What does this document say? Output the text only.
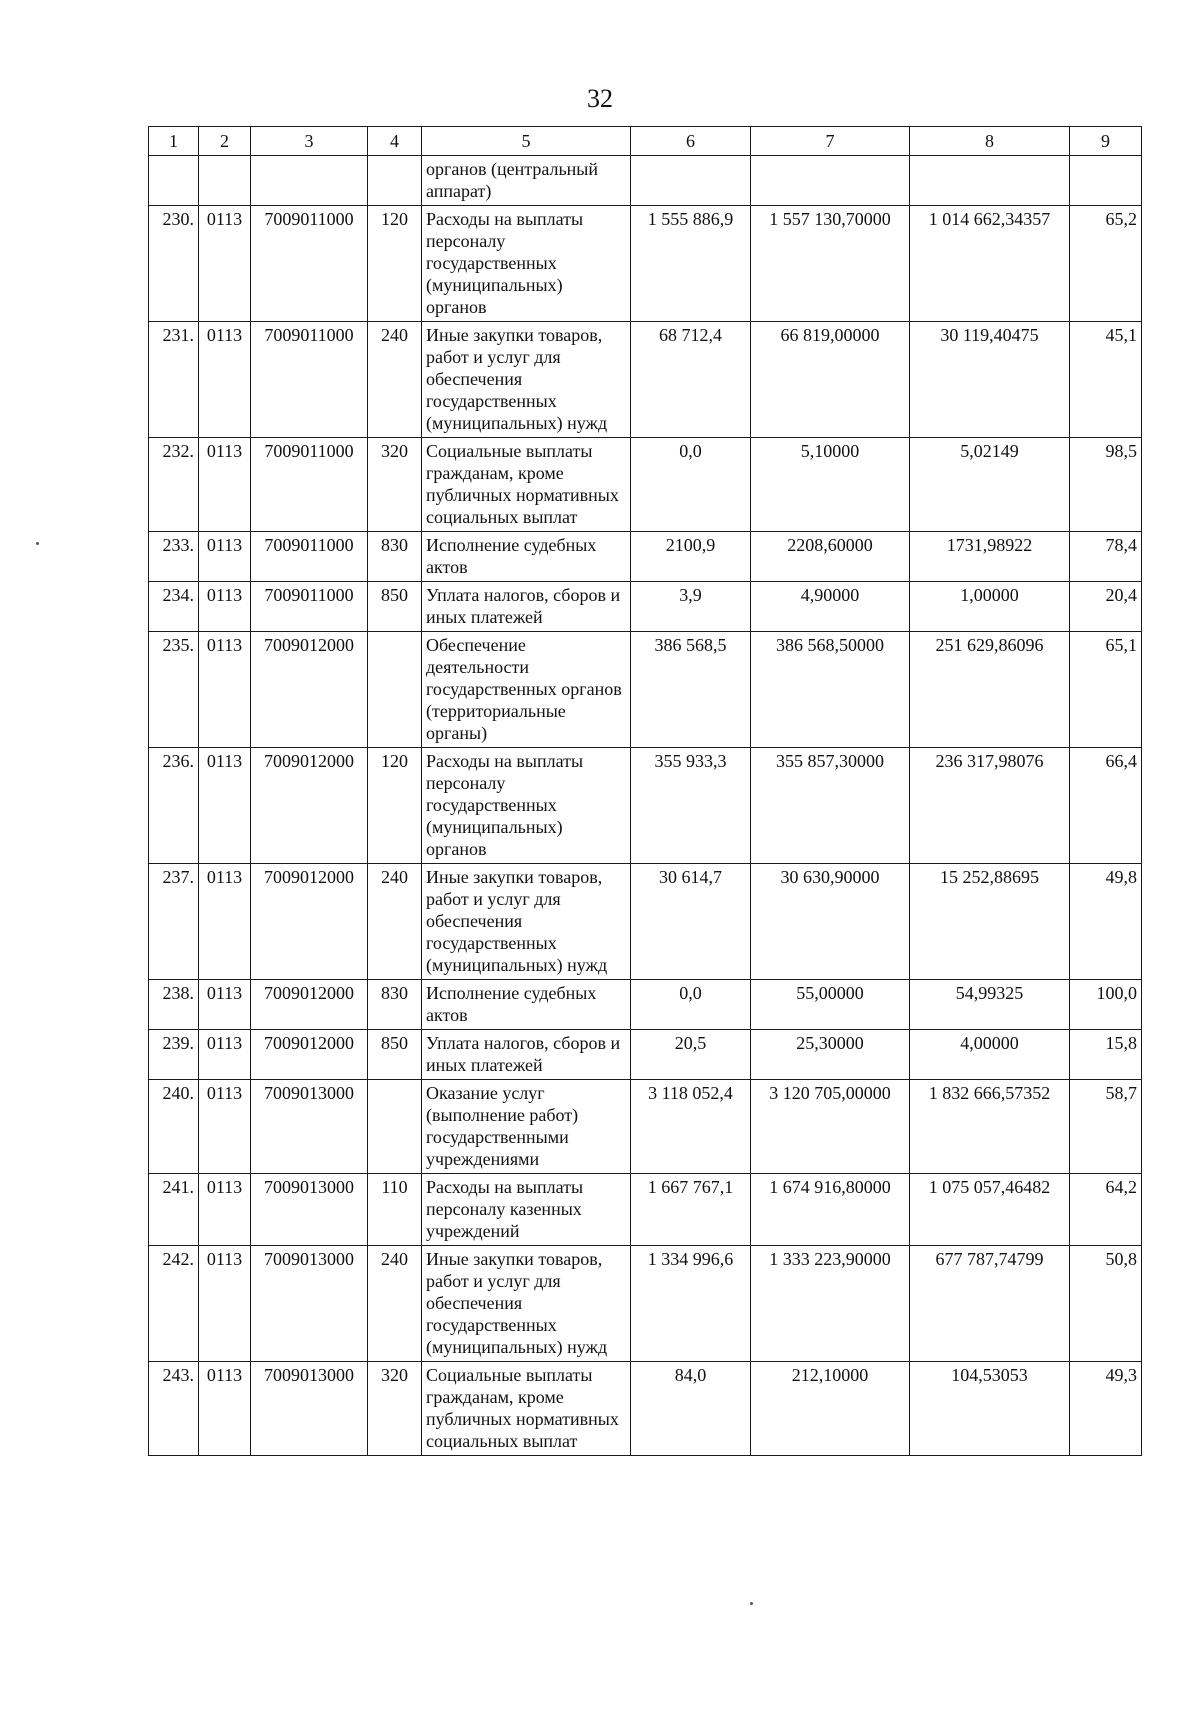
32
1	2	3	4	5	6	7	8	9
				органов (центральный аппарат)				
230.	0113	7009011000	120	Расходы на выплаты персоналу государственных (муниципальных) органов	1 555 886,9	1 557 130,70000	1 014 662,34357	65,2
231.	0113	7009011000	240	Иные закупки товаров, работ и услуг для обеспечения государственных (муниципальных) нужд	68 712,4	66 819,00000	30 119,40475	45,1
232.	0113	7009011000	320	Социальные выплаты гражданам, кроме публичных нормативных социальных выплат	0,0	5,10000	5,02149	98,5
233.	0113	7009011000	830	Исполнение судебных актов	2100,9	2208,60000	1731,98922	78,4
234.	0113	7009011000	850	Уплата налогов, сборов и иных платежей	3,9	4,90000	1,00000	20,4
235.	0113	7009012000		Обеспечение деятельности государственных органов (территориальные органы)	386 568,5	386 568,50000	251 629,86096	65,1
236.	0113	7009012000	120	Расходы на выплаты персоналу государственных (муниципальных) органов	355 933,3	355 857,30000	236 317,98076	66,4
237.	0113	7009012000	240	Иные закупки товаров, работ и услуг для обеспечения государственных (муниципальных) нужд	30 614,7	30 630,90000	15 252,88695	49,8
238.	0113	7009012000	830	Исполнение судебных актов	0,0	55,00000	54,99325	100,0
239.	0113	7009012000	850	Уплата налогов, сборов и иных платежей	20,5	25,30000	4,00000	15,8
240.	0113	7009013000		Оказание услуг (выполнение работ) государственными учреждениями	3 118 052,4	3 120 705,00000	1 832 666,57352	58,7
241.	0113	7009013000	110	Расходы на выплаты персоналу казенных учреждений	1 667 767,1	1 674 916,80000	1 075 057,46482	64,2
242.	0113	7009013000	240	Иные закупки товаров, работ и услуг для обеспечения государственных (муниципальных) нужд	1 334 996,6	1 333 223,90000	677 787,74799	50,8
243.	0113	7009013000	320	Социальные выплаты гражданам, кроме публичных нормативных социальных выплат	84,0	212,10000	104,53053	49,3
